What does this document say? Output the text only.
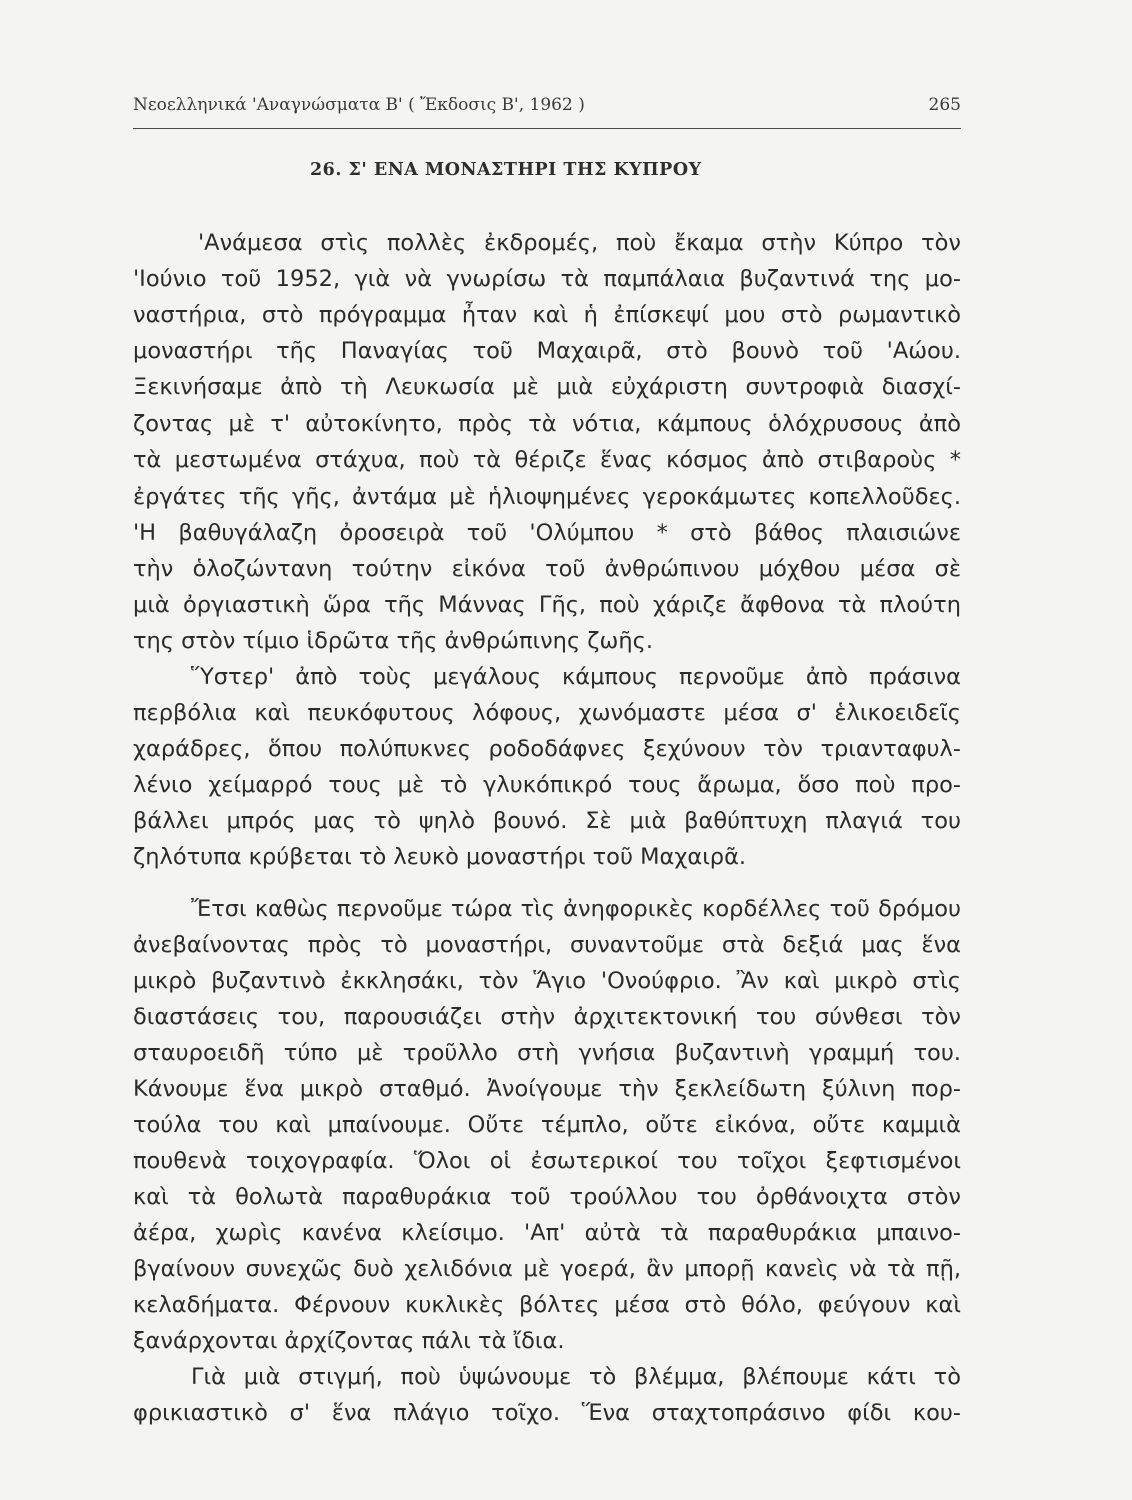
Νεοελληνικά 'Αναγνώσματα Β' ( Ἔκδοσις Β', 1962 )	265
26. Σ' ΕΝΑ ΜΟΝΑΣΤΗΡΙ ΤΗΣ ΚΥΠΡΟΥ
'Ανάμεσα στὶς πολλὲς ἐκδρομές, ποὺ ἔκαμα στὴν Κύπρο τὸν
'Ιούνιο τοῦ 1952, γιὰ νὰ γνωρίσω τὰ παμπάλαια βυζαντινά της μο-
ναστήρια, στὸ πρόγραμμα ἦταν καὶ ἡ ἐπίσκεψί μου στὸ ρωμαντικὸ
μοναστήρι τῆς Παναγίας τοῦ Μαχαιρᾶ, στὸ βουνὸ τοῦ 'Αώου.
Ξεκινήσαμε ἀπὸ τὴ Λευκωσία μὲ μιὰ εὐχάριστη συντροφιὰ διασχί-
ζοντας μὲ τ' αὐτοκίνητο, πρὸς τὰ νότια, κάμπους ὁλόχρυσους ἀπὸ
τὰ μεστωμένα στάχυα, ποὺ τὰ θέριζε ἕνας κόσμος ἀπὸ στιβαροὺς *
ἐργάτες τῆς γῆς, ἀντάμα μὲ ἡλιοψημένες γεροκάμωτες κοπελλοῦδες.
'Η βαθυγάλαζη ὀροσειρὰ τοῦ 'Ολύμπου * στὸ βάθος πλαισιώνε
τὴν ὁλοζώντανη τούτην εἰκόνα τοῦ ἀνθρώπινου μόχθου μέσα σὲ
μιὰ ὀργιαστικὴ ὥρα τῆς Μάννας Γῆς, ποὺ χάριζε ἄφθονα τὰ πλούτη
της στὸν τίμιο ἱδρῶτα τῆς ἀνθρώπινης ζωῆς.
Ὕστερ' ἀπὸ τοὺς μεγάλους κάμπους περνοῦμε ἀπὸ πράσινα
περβόλια καὶ πευκόφυτους λόφους, χωνόμαστε μέσα σ' ἑλικοειδεῖς
χαράδρες, ὅπου πολύπυκνες ροδοδάφνες ξεχύνουν τὸν τριανταφυλ-
λένιο χείμαρρό τους μὲ τὸ γλυκόπικρό τους ἄρωμα, ὅσο ποὺ προ-
βάλλει μπρός μας τὸ ψηλὸ βουνό. Σὲ μιὰ βαθύπτυχη πλαγιά του
ζηλότυπα κρύβεται τὸ λευκὸ μοναστήρι τοῦ Μαχαιρᾶ.
Ἔτσι καθὼς περνοῦμε τώρα τὶς ἀνηφορικὲς κορδέλλες τοῦ δρόμου
ἀνεβαίνοντας πρὸς τὸ μοναστήρι, συναντοῦμε στὰ δεξιά μας ἕνα
μικρὸ βυζαντινὸ ἐκκλησάκι, τὸν Ἅγιο 'Ονούφριο. Ἂν καὶ μικρὸ στὶς
διαστάσεις του, παρουσιάζει στὴν ἀρχιτεκτονική του σύνθεσι τὸν
σταυροειδῆ τύπο μὲ τροῦλλο στὴ γνήσια βυζαντινὴ γραμμή του.
Κάνουμε ἕνα μικρὸ σταθμό. Ἀνοίγουμε τὴν ξεκλείδωτη ξύλινη πορ-
τούλα του καὶ μπαίνουμε. Οὔτε τέμπλο, οὔτε εἰκόνα, οὔτε καμμιὰ
πουθενὰ τοιχογραφία. Ὅλοι οἱ ἐσωτερικοί του τοῖχοι ξεφτισμένοι
καὶ τὰ θολωτὰ παραθυράκια τοῦ τρούλλου του ὀρθάνοιχτα στὸν
ἀέρα, χωρὶς κανένα κλείσιμο. 'Απ' αὐτὰ τὰ παραθυράκια μπαινο-
βγαίνουν συνεχῶς δυὸ χελιδόνια μὲ γοερά, ἂν μπορῇ κανεὶς νὰ τὰ πῇ,
κελαδήματα. Φέρνουν κυκλικὲς βόλτες μέσα στὸ θόλο, φεύγουν καὶ
ξανάρχονται ἀρχίζοντας πάλι τὰ ἴδια.
Γιὰ μιὰ στιγμή, ποὺ ὑψώνουμε τὸ βλέμμα, βλέπουμε κάτι τὸ
φρικιαστικὸ σ' ἕνα πλάγιο τοῖχο. Ἕνα σταχτοπράσινο φίδι κου-
